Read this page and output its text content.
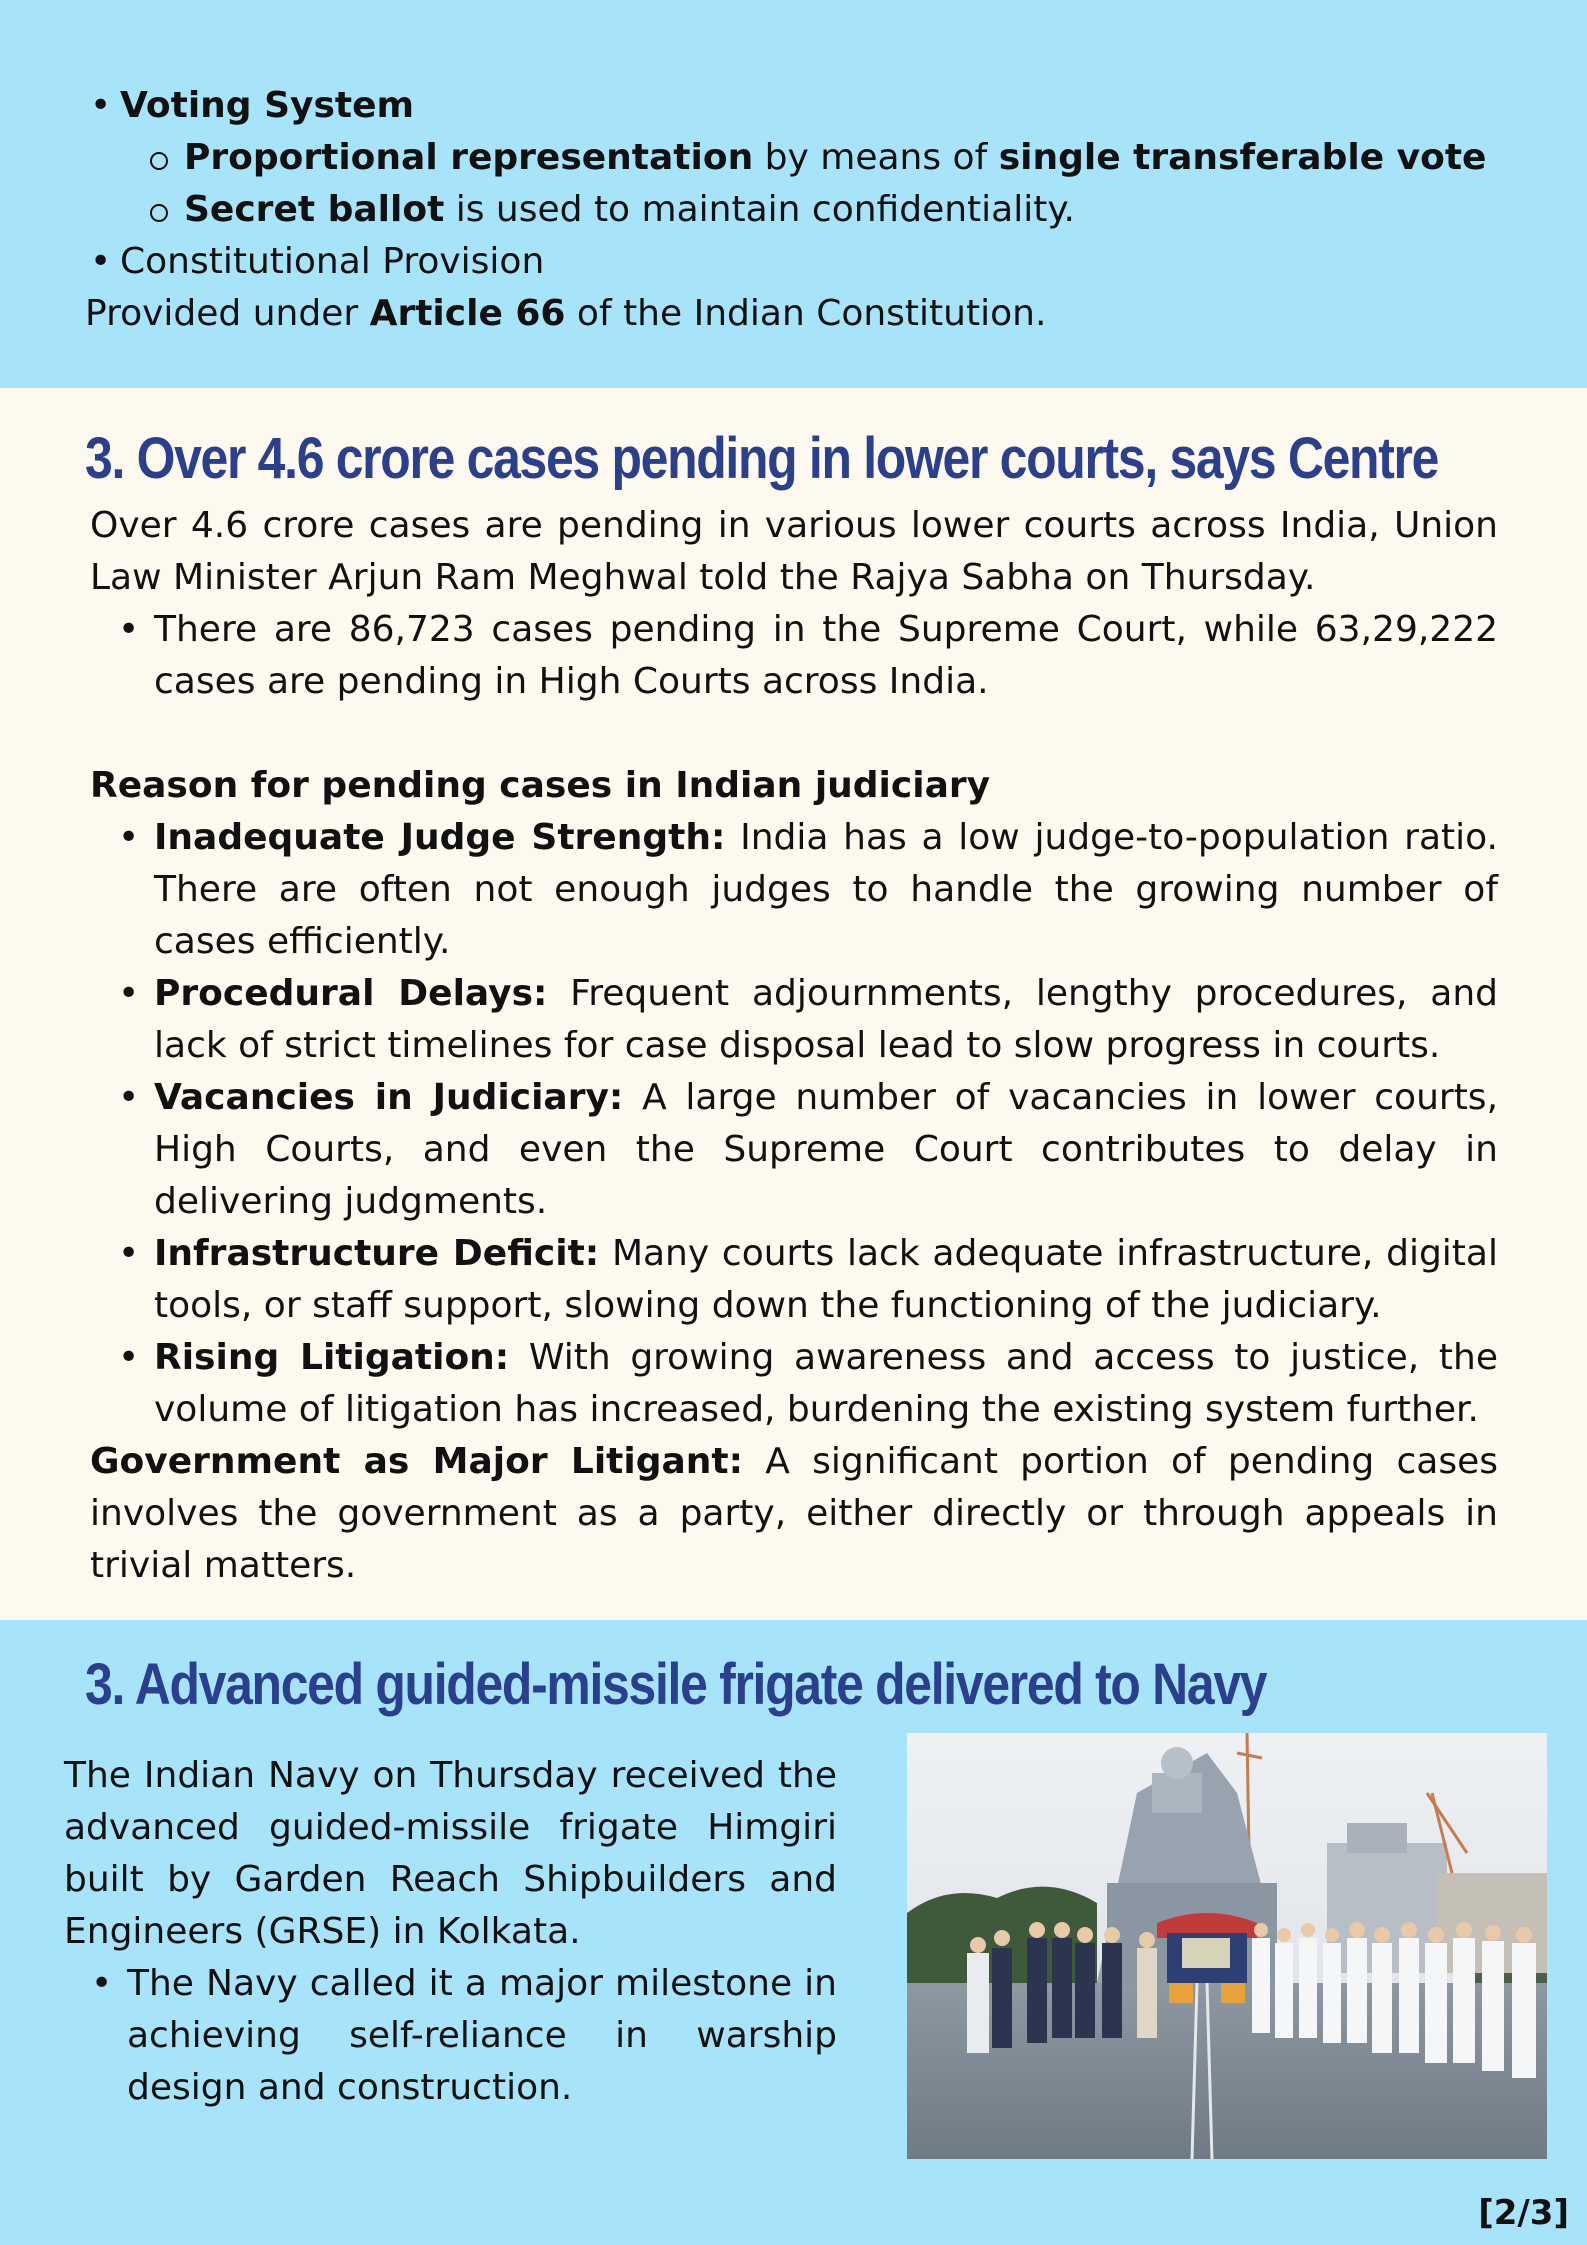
• Voting System
Proportional representation by means of single transferable vote
Secret ballot is used to maintain confidentiality.
• Constitutional Provision

Provided under Article 66 of the Indian Constitution.

3. Over 4.6 crore cases pending in lower courts, says Centre

Over 4.6 crore cases are pending in various lower courts across India, Union Law Minister Arjun Ram Meghwal told the Rajya Sabha on Thursday.

• There are 86,723 cases pending in the Supreme Court, while 63,29,222 cases are pending in High Courts across India.

Reason for pending cases in Indian judiciary

• Inadequate Judge Strength: India has a low judge-to-population ratio. There are often not enough judges to handle the growing number of cases efficiently.
• Procedural Delays: Frequent adjournments, lengthy procedures, and lack of strict timelines for case disposal lead to slow progress in courts.
• Vacancies in Judiciary: A large number of vacancies in lower courts, High Courts, and even the Supreme Court contributes to delay in delivering judgments.
• Infrastructure Deficit: Many courts lack adequate infrastructure, digital tools, or staff support, slowing down the functioning of the judiciary.
• Rising Litigation: With growing awareness and access to justice, the volume of litigation has increased, burdening the existing system further.

Government as Major Litigant: A significant portion of pending cases involves the government as a party, either directly or through appeals in trivial matters.

3. Advanced guided-missile frigate delivered to Navy

The Indian Navy on Thursday received the advanced guided-missile frigate Himgiri built by Garden Reach Shipbuilders and Engineers (GRSE) in Kolkata.

• The Navy called it a major milestone in achieving self-reliance in warship design and construction.
[2/3]
